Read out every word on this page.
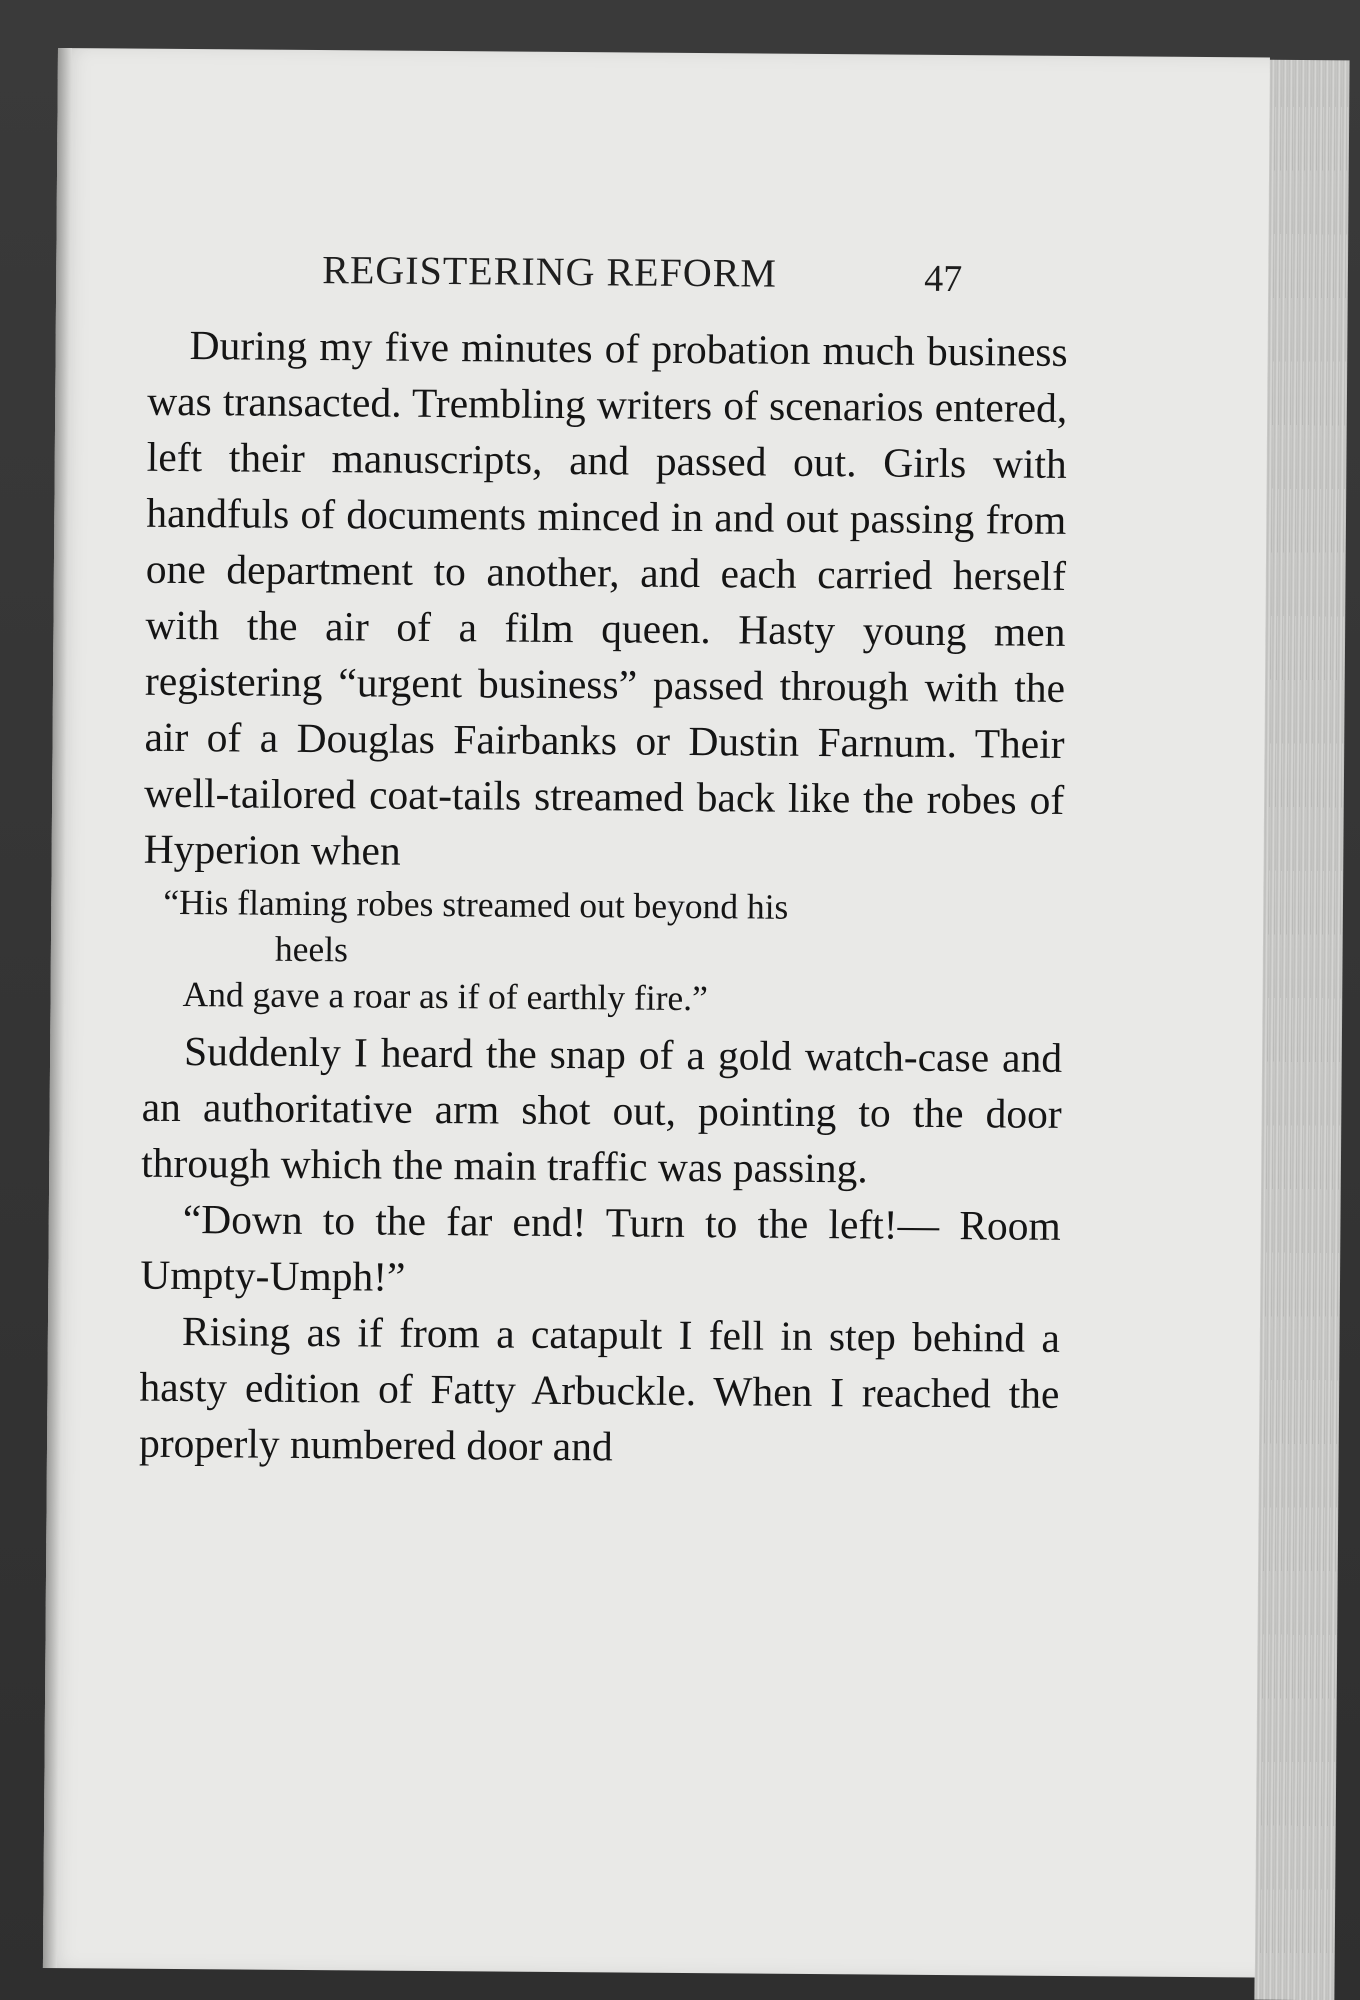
REGISTERING REFORM	47

During my five minutes of probation much business was transacted. Trembling writers of scenarios entered, left their manuscripts, and passed out. Girls with handfuls of documents minced in and out passing from one department to another, and each carried herself with the air of a film queen. Hasty young men registering “urgent business” passed through with the air of a Douglas Fairbanks or Dustin Farnum. Their well-tailored coat-tails streamed back like the robes of Hyperion when

“His flaming robes streamed out beyond his
heels
And gave a roar as if of earthly fire.”

Suddenly I heard the snap of a gold watch-case and an authoritative arm shot out, pointing to the door through which the main traffic was passing.

“Down to the far end! Turn to the left!— Room Umpty-Umph!”

Rising as if from a catapult I fell in step behind a hasty edition of Fatty Arbuckle. When I reached the properly numbered door and
